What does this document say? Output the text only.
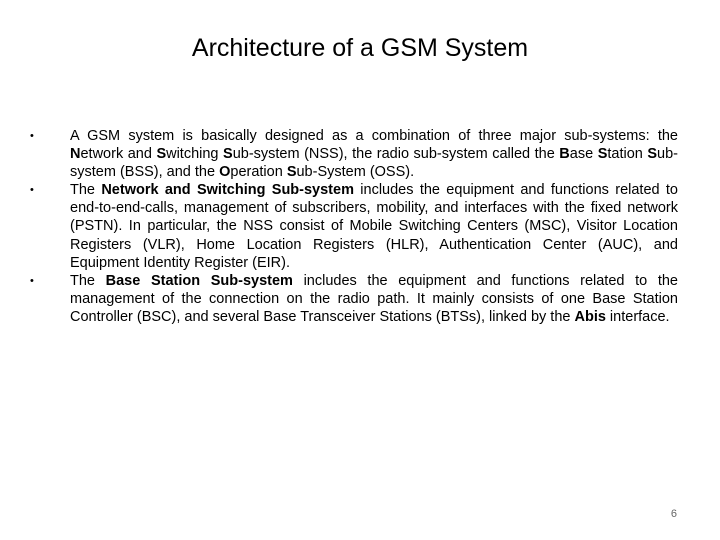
Architecture of a GSM System
•	A GSM system is basically designed as a combination of three major sub-systems: the Network and Switching Sub-system (NSS), the radio sub-system called the Base Station Sub-system (BSS), and the Operation Sub-System (OSS).
•	The Network and Switching Sub-system includes the equipment and functions related to end-to-end-calls, management of subscribers, mobility, and interfaces with the fixed network (PSTN). In particular, the NSS consist of Mobile Switching Centers (MSC), Visitor Location Registers (VLR), Home Location Registers (HLR), Authentication Center (AUC), and Equipment Identity Register (EIR).
•	The Base Station Sub-system includes the equipment and functions related to the management of the connection on the radio path. It mainly consists of one Base Station Controller (BSC), and several Base Transceiver Stations (BTSs), linked by the Abis interface.
6
